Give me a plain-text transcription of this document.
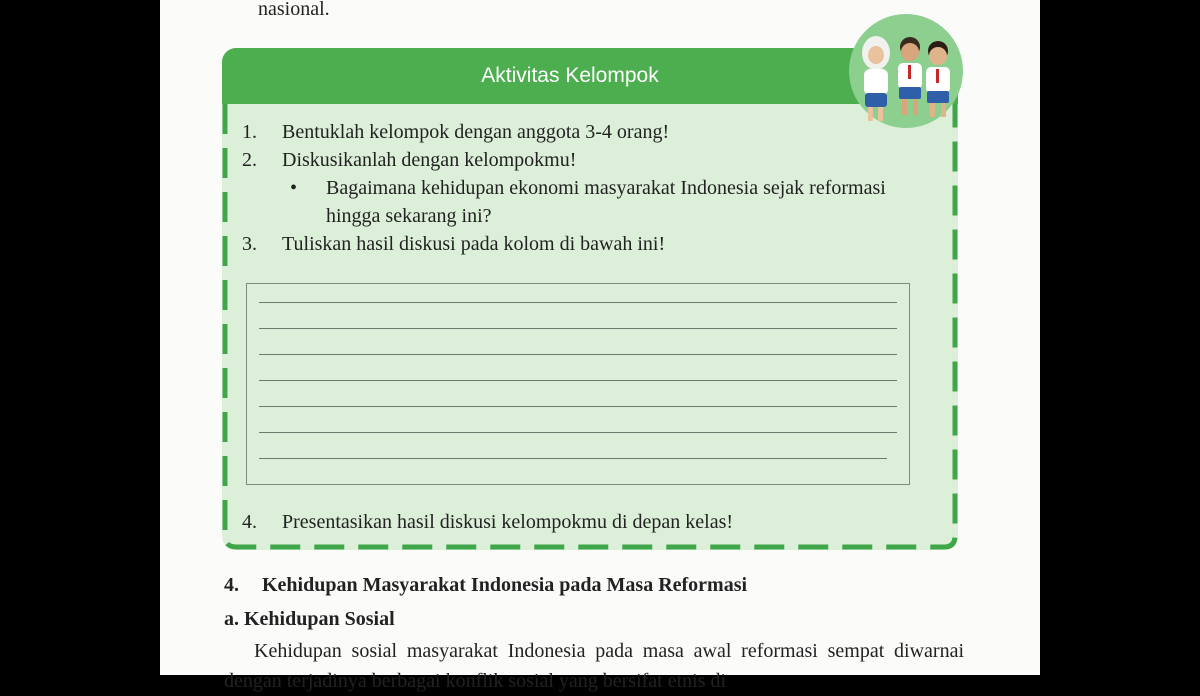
nasional.
Aktivitas Kelompok
1. Bentuklah kelompok dengan anggota 3-4 orang!
2. Diskusikanlah dengan kelompokmu!
• Bagaimana kehidupan ekonomi masyarakat Indonesia sejak reformasi hingga sekarang ini?
3. Tuliskan hasil diskusi pada kolom di bawah ini!
4. Presentasikan hasil diskusi kelompokmu di depan kelas!
4. Kehidupan Masyarakat Indonesia pada Masa Reformasi
a. Kehidupan Sosial
Kehidupan sosial masyarakat Indonesia pada masa awal reformasi sempat diwarnai dengan terjadinya berbagai konflik sosial yang bersifat etnis di
